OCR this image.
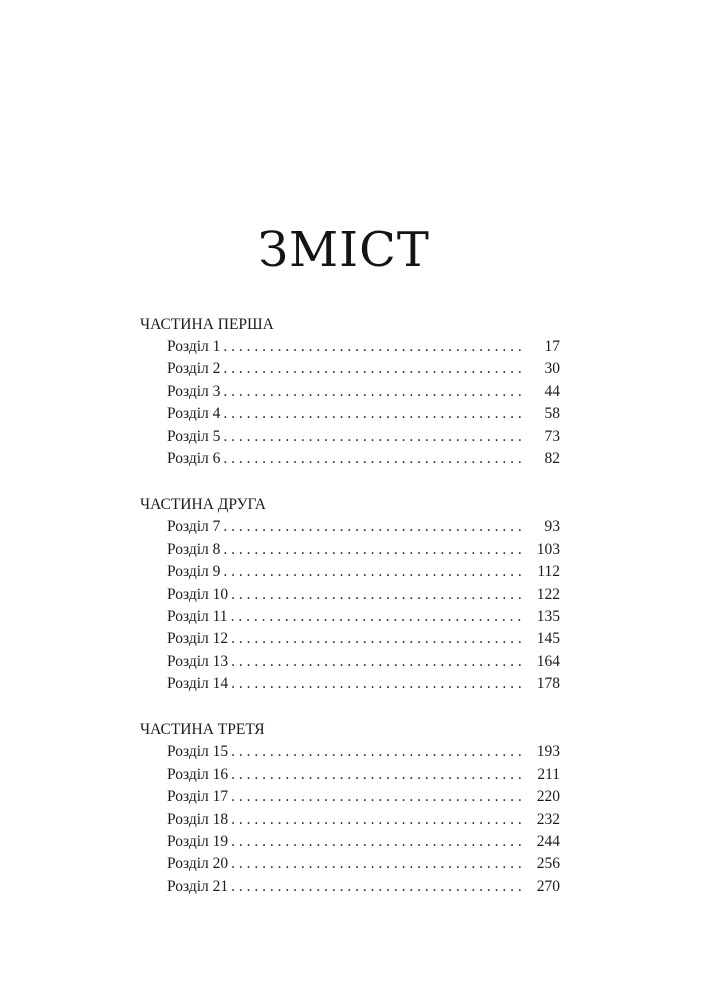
ЗМІСТ
ЧАСТИНА ПЕРША
Розділ 1 . . .	17
Розділ 2 . . .	30
Розділ 3 . . .	44
Розділ 4 . . .	58
Розділ 5 . . .	73
Розділ 6 . . .	82
ЧАСТИНА ДРУГА
Розділ 7 . . .	93
Розділ 8 . . .	103
Розділ 9 . . .	112
Розділ 10 . . .	122
Розділ 11 . . .	135
Розділ 12 . . .	145
Розділ 13 . . .	164
Розділ 14 . . .	178
ЧАСТИНА ТРЕТЯ
Розділ 15 . . .	193
Розділ 16 . . .	211
Розділ 17 . . .	220
Розділ 18 . . .	232
Розділ 19 . . .	244
Розділ 20 . . .	256
Розділ 21 . . .	270
